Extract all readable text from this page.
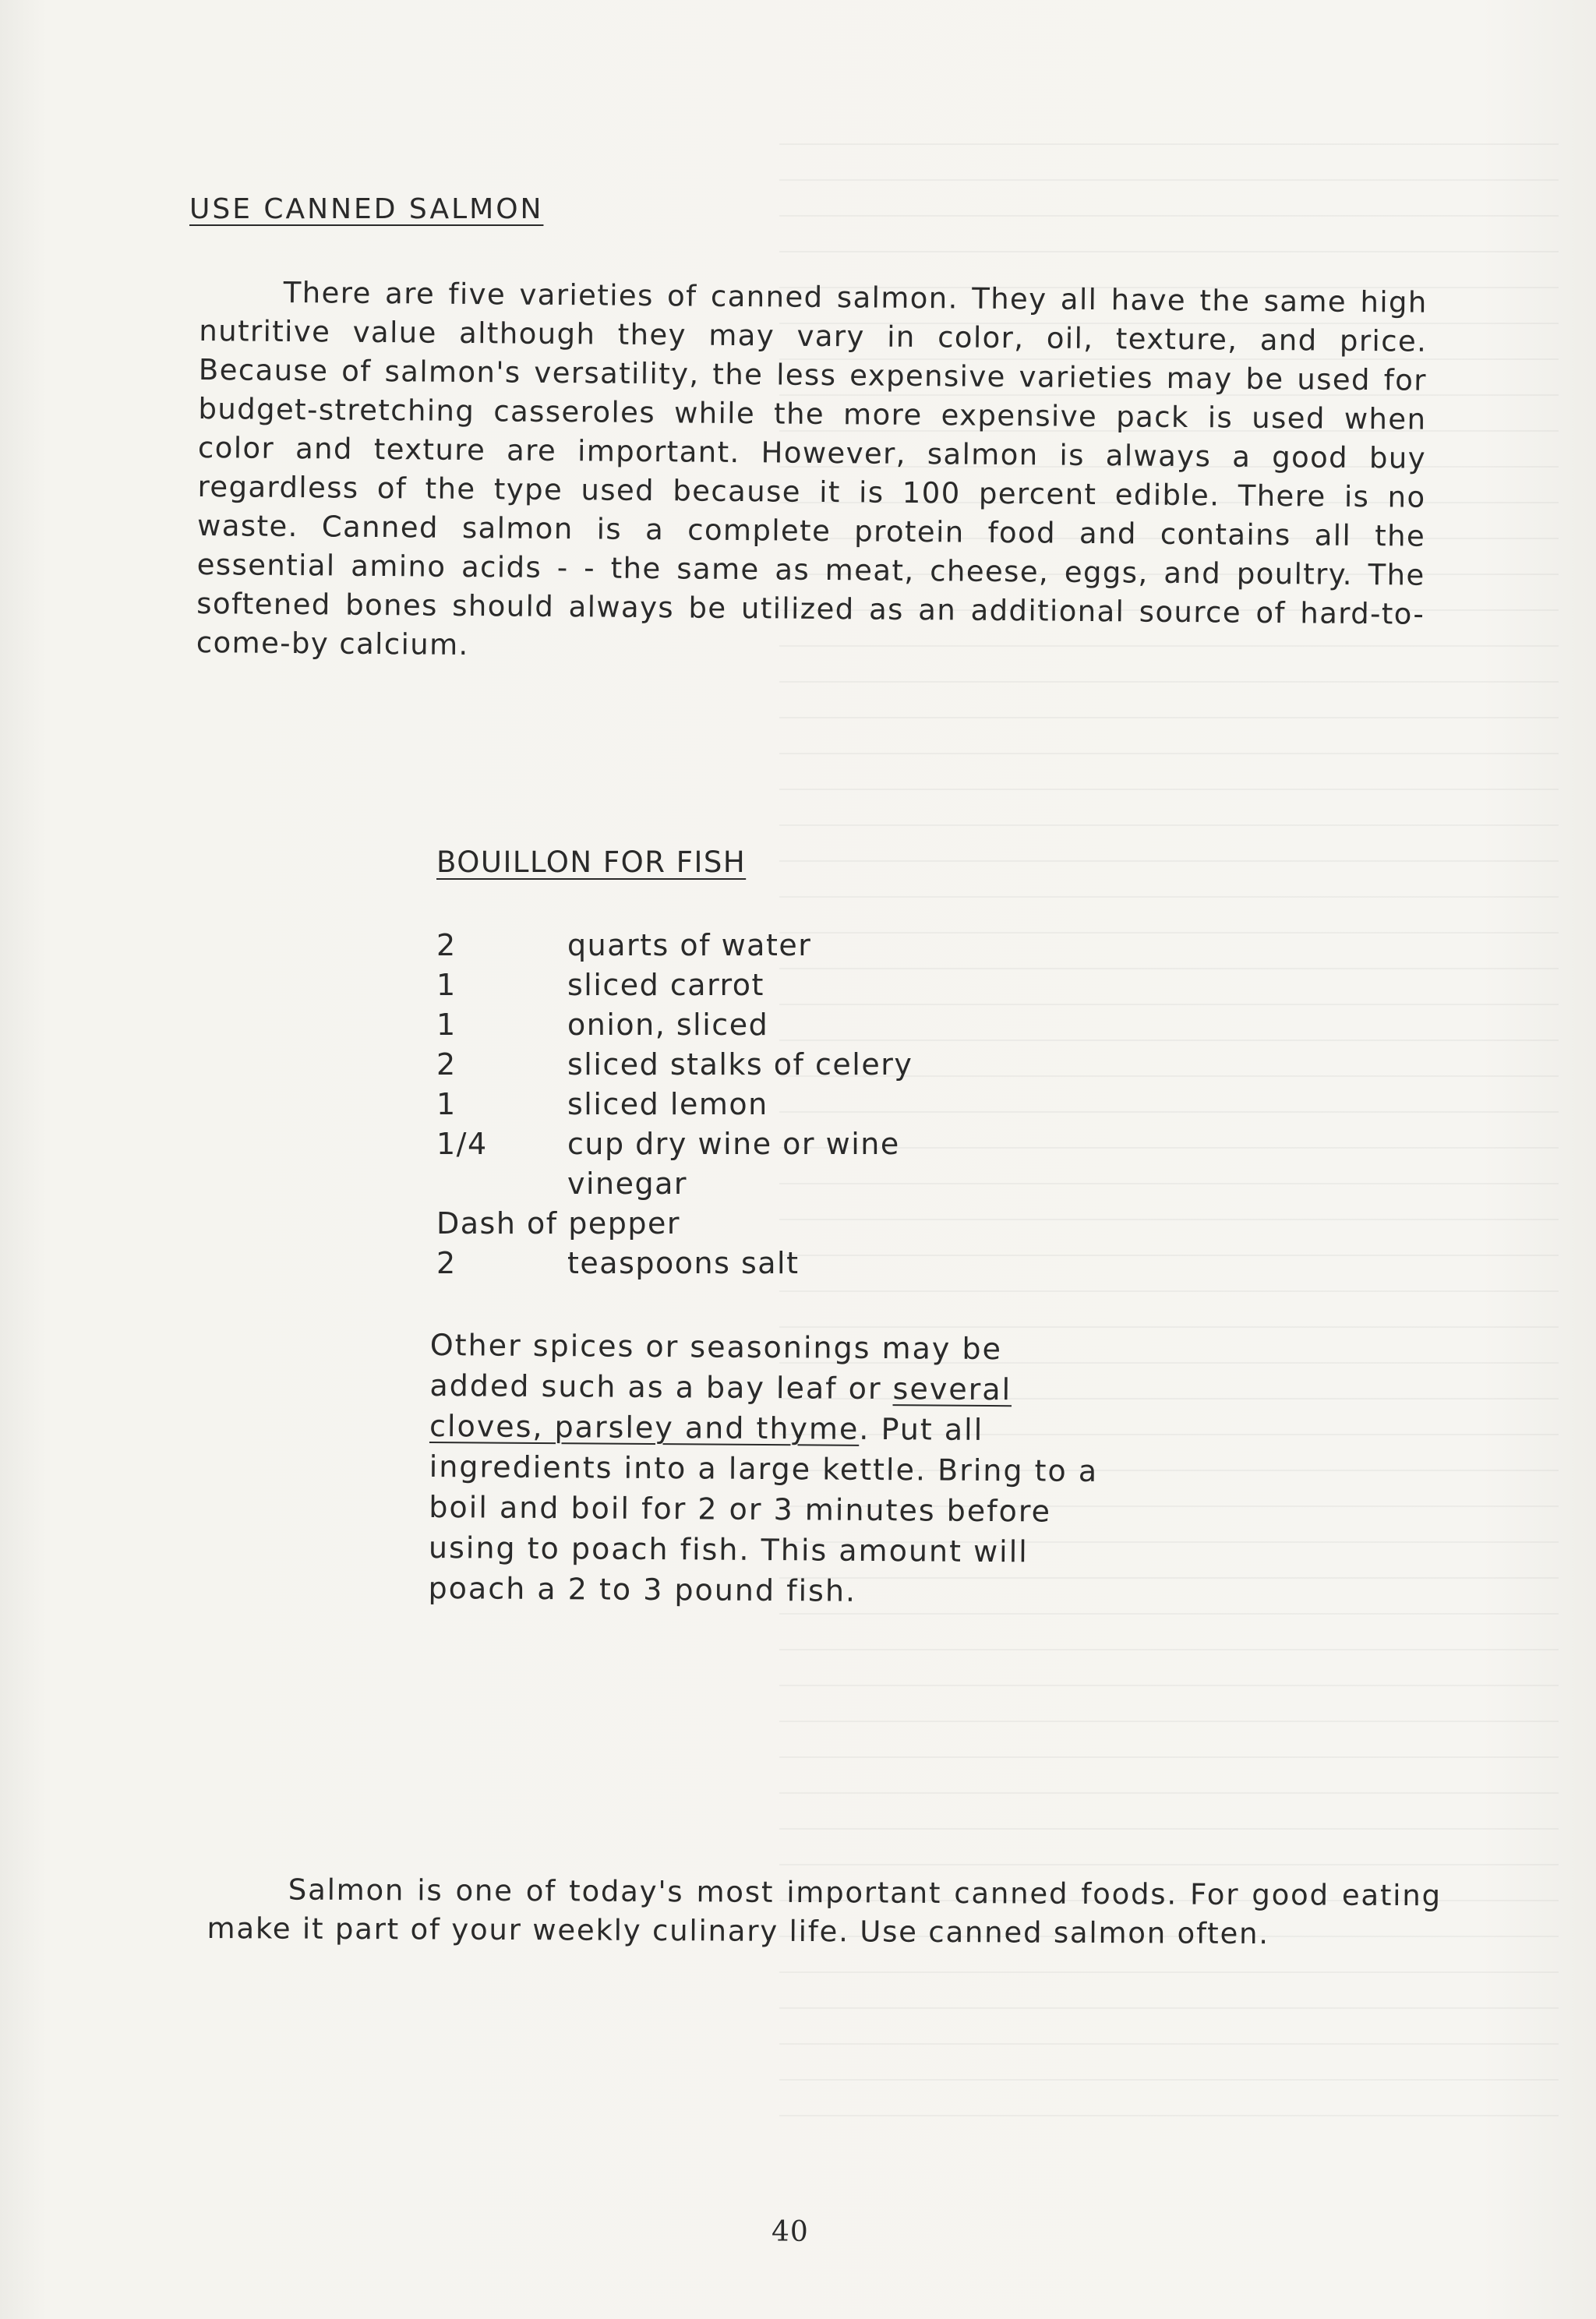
USE CANNED SALMON

There are five varieties of canned salmon. They all have the same high nutritive value although they may vary in color, oil, texture, and price. Because of salmon's versatility, the less expensive varieties may be used for budget-stretching casseroles while the more expensive pack is used when color and texture are important. However, salmon is always a good buy regardless of the type used because it is 100 percent edible. There is no waste. Canned salmon is a complete protein food and contains all the essential amino acids - - the same as meat, cheese, eggs, and poultry. The softened bones should always be utilized as an additional source of hard-to-come-by calcium.

BOUILLON FOR FISH
2	quarts of water
1	sliced carrot
1	onion, sliced
2	sliced stalks of celery
1	sliced lemon
1/4	cup dry wine or wine
vinegar
Dash of pepper
2	teaspoons salt

Other spices or seasonings may be added such as a bay leaf or several cloves, parsley and thyme. Put all ingredients into a large kettle. Bring to a boil and boil for 2 or 3 minutes before using to poach fish. This amount will poach a 2 to 3 pound fish.

Salmon is one of today's most important canned foods. For good eating make it part of your weekly culinary life. Use canned salmon often.

40
